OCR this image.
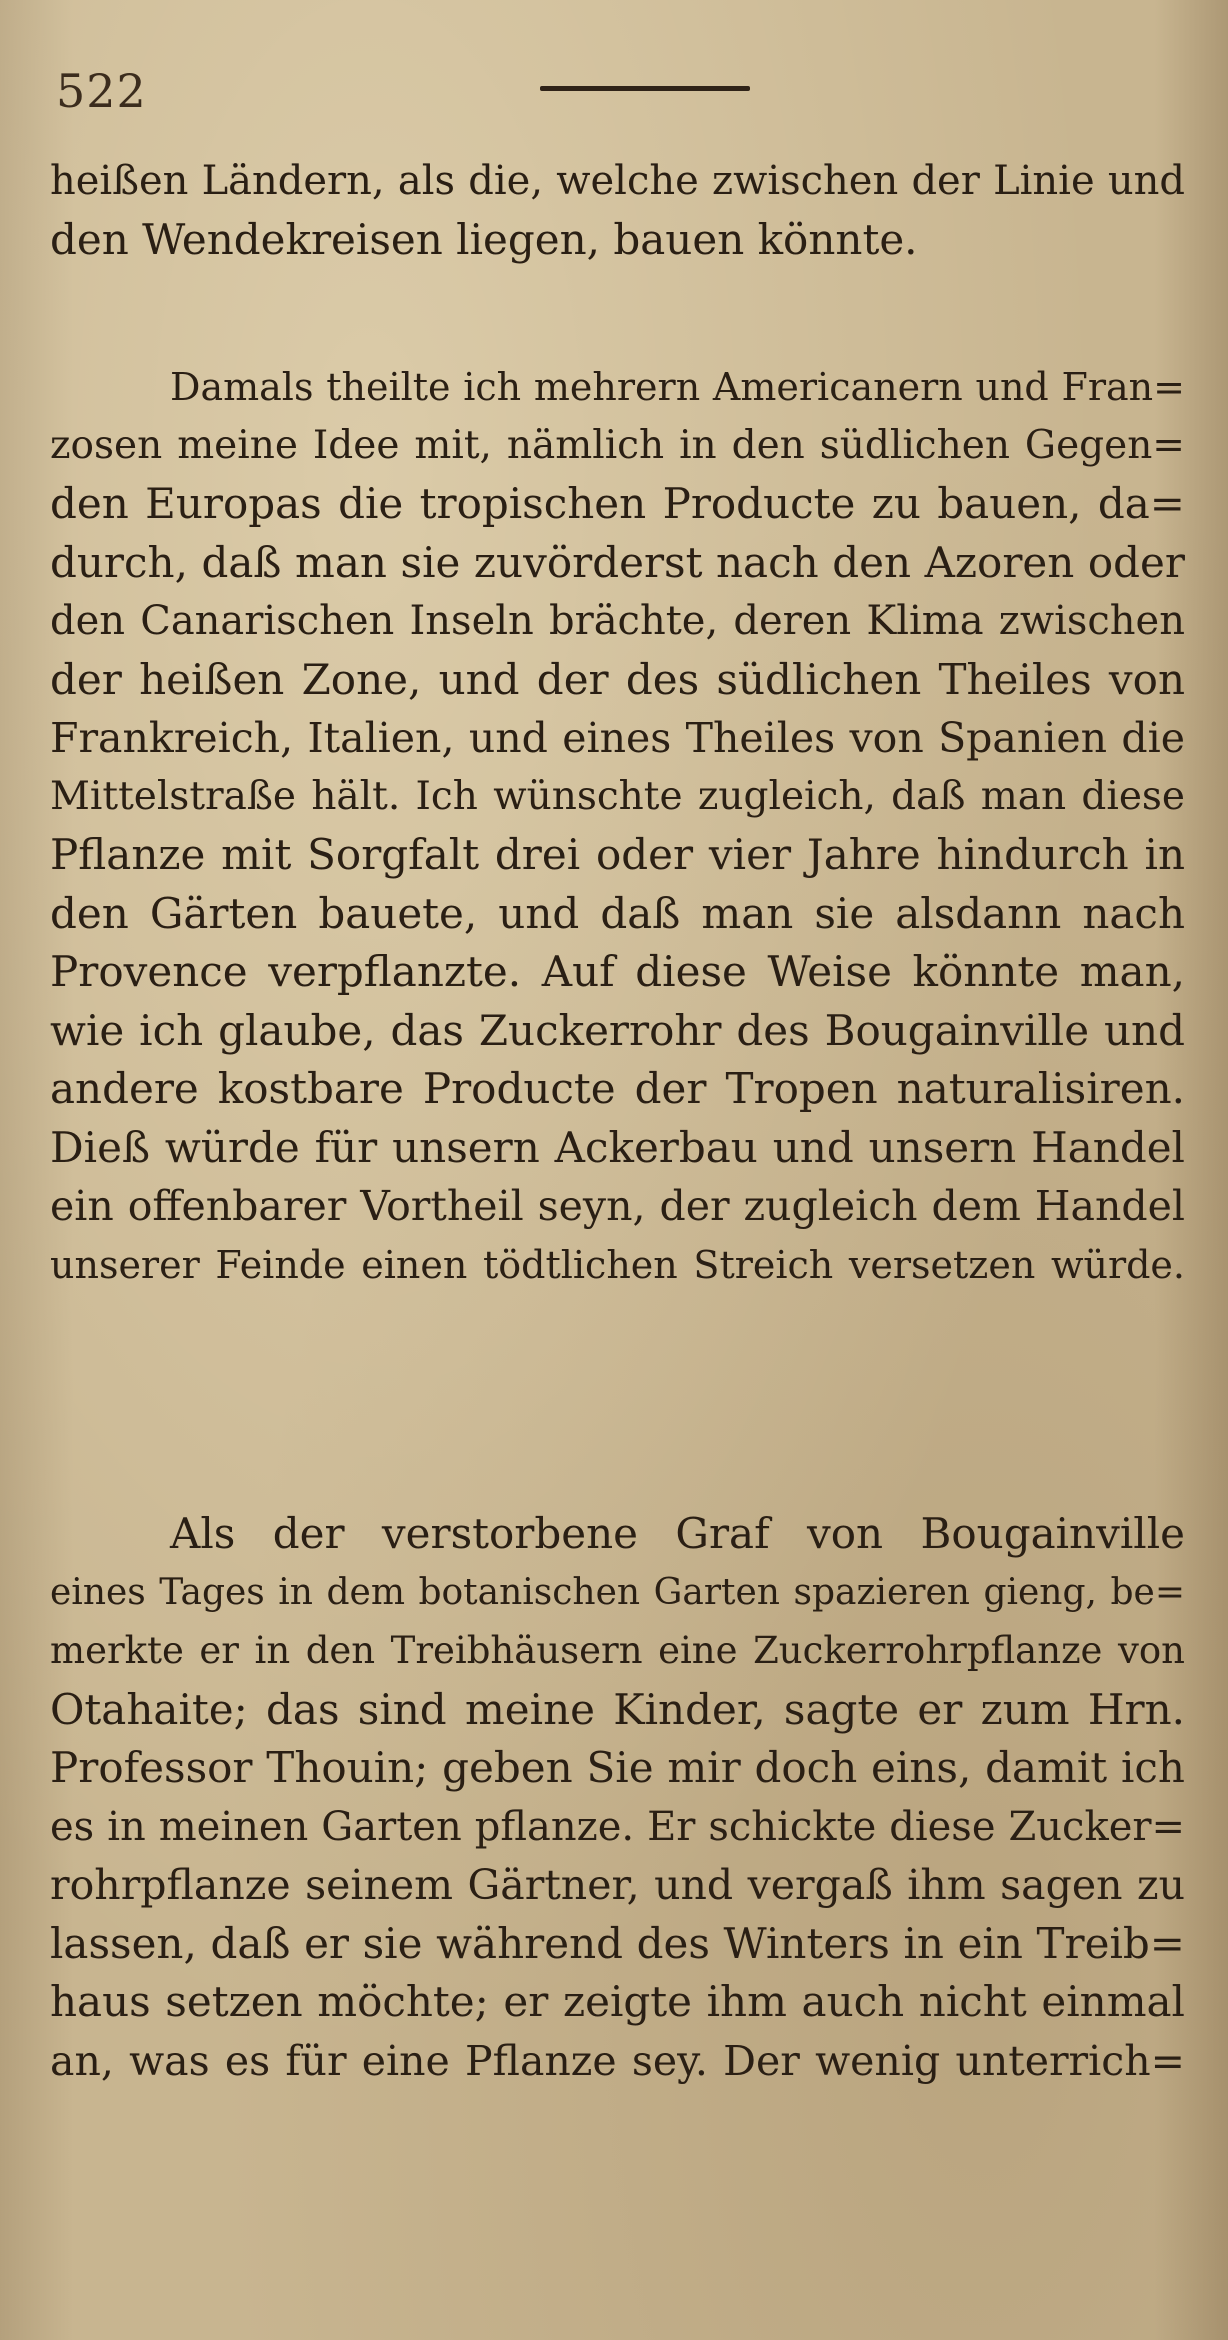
522
heißen Ländern, als die, welche zwischen der Linie und
den Wendekreisen liegen, bauen könnte.
Damals theilte ich mehrern Americanern und Fran=
zosen meine Idee mit, nämlich in den südlichen Gegen=
den Europas die tropischen Producte zu bauen, da=
durch, daß man sie zuvörderst nach den Azoren oder
den Canarischen Inseln brächte, deren Klima zwischen
der heißen Zone, und der des südlichen Theiles von
Frankreich, Italien, und eines Theiles von Spanien die
Mittelstraße hält. Ich wünschte zugleich, daß man diese
Pflanze mit Sorgfalt drei oder vier Jahre hindurch in
den Gärten bauete, und daß man sie alsdann nach
Provence verpflanzte. Auf diese Weise könnte man,
wie ich glaube, das Zuckerrohr des Bougainville und
andere kostbare Producte der Tropen naturalisiren.
Dieß würde für unsern Ackerbau und unsern Handel
ein offenbarer Vortheil seyn, der zugleich dem Handel
unserer Feinde einen tödtlichen Streich versetzen würde.
Als der verstorbene Graf von Bougainville
eines Tages in dem botanischen Garten spazieren gieng, be=
merkte er in den Treibhäusern eine Zuckerrohrpflanze von
Otahaite; das sind meine Kinder, sagte er zum Hrn.
Professor Thouin; geben Sie mir doch eins, damit ich
es in meinen Garten pflanze. Er schickte diese Zucker=
rohrpflanze seinem Gärtner, und vergaß ihm sagen zu
lassen, daß er sie während des Winters in ein Treib=
haus setzen möchte; er zeigte ihm auch nicht einmal
an, was es für eine Pflanze sey. Der wenig unterrich=
